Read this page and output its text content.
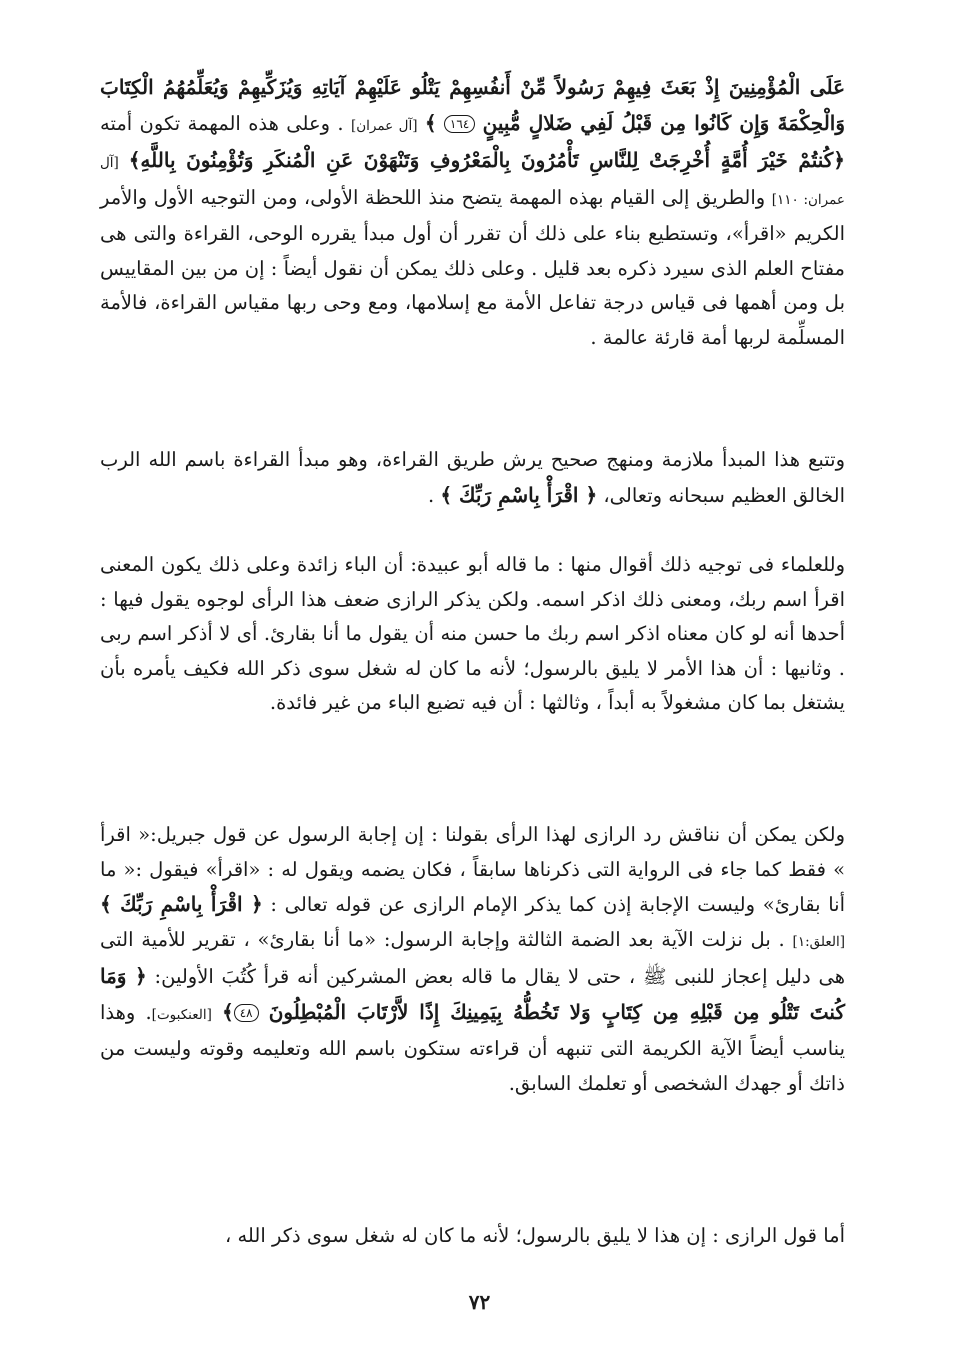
عَلَى الْمُؤْمِنِينَ إِذْ بَعَثَ فِيهِمْ رَسُولاً مِّنْ أَنفُسِهِمْ يَتْلُو عَلَيْهِمْ آيَاتِهِ وَيُزَكِّيهِمْ وَيُعَلِّمُهُمُ الْكِتَابَ وَالْحِكْمَةَ وَإِن كَانُوا مِن قَبْلُ لَفِي ضَلالٍ مُّبِينٍ ١٦٤ ﴾ [آل عمران] . وعلى هذه المهمة تكون أمته ﴿كُنتُمْ خَيْرَ أُمَّةٍ أُخْرِجَتْ لِلنَّاسِ تَأْمُرُونَ بِالْمَعْرُوفِ وَتَنْهَوْنَ عَنِ الْمُنكَرِ وَتُؤْمِنُونَ بِاللَّهِ﴾ [آل عمران: ١١٠] والطريق إلى القيام بهذه المهمة يتضح منذ اللحظة الأولى، ومن التوجيه الأول والأمر الكريم «اقرأ»، وتستطيع بناء على ذلك أن تقرر أن أول مبدأ يقرره الوحى، القراءة والتى هى مفتاح العلم الذى سيرد ذكره بعد قليل . وعلى ذلك يمكن أن نقول أيضاً : إن من بين المقاييس بل ومن أهمها فى قياس درجة تفاعل الأمة مع إسلامها، ومع وحى ربها مقياس القراءة، فالأمة المسلِّمة لربها أمة قارئة عالمة .

وتتبع هذا المبدأ ملازمة ومنهج صحيح يرش طريق القراءة، وهو مبدأ القراءة باسم الله الرب الخالق العظيم سبحانه وتعالى، ﴿ اقْرَأْ بِاسْمِ رَبِّكَ ﴾ .

وللعلماء فى توجيه ذلك أقوال منها : ما قاله أبو عبيدة: أن الباء زائدة وعلى ذلك يكون المعنى اقرأ اسم ربك، ومعنى ذلك اذكر اسمه. ولكن يذكر الرازى ضعف هذا الرأى لوجوه يقول فيها : أحدها أنه لو كان معناه اذكر اسم ربك ما حسن منه أن يقول ما أنا بقارئ. أى لا أذكر اسم ربى . وثانيها : أن هذا الأمر لا يليق بالرسول؛ لأنه ما كان له شغل سوى ذكر الله فكيف يأمره بأن يشتغل بما كان مشغولاً به أبداً ، وثالثها : أن فيه تضيع الباء من غير فائدة.

ولكن يمكن أن نناقش رد الرازى لهذا الرأى بقولنا : إن إجابة الرسول عن قول جبريل:« اقرأ » فقط كما جاء فى الرواية التى ذكرناها سابقاً ، فكان يضمه ويقول له : «اقرأ» فيقول :« ما أنا بقارئ» وليست الإجابة إذن كما يذكر الإمام الرازى عن قوله تعالى : ﴿ اقْرَأْ بِاسْمِ رَبِّكَ ﴾ [العلق:١] . بل نزلت الآية بعد الضمة الثالثة وإجابة الرسول: «ما أنا بقارئ» ، تقرير للأمية التى هى دليل إعجاز للنبى ﷺ ، حتى لا يقال ما قاله بعض المشركين أنه قرأ كُتُبَ الأولين: ﴿ وَمَا كُنتَ تَتْلُو مِن قَبْلِهِ مِن كِتَابٍ وَلا تَخُطُّهُ بِيَمِينِكَ إِذًا لاَّرْتَابَ الْمُبْطِلُونَ ٤٨﴾ [العنكبوت]. وهذا يناسب أيضاً الآية الكريمة التى تنبهه أن قراءته ستكون باسم الله وتعليمه وقوته وليست من ذاتك أو جهدك الشخصى أو تعلمك السابق.

أما قول الرازى : إن هذا لا يليق بالرسول؛ لأنه ما كان له شغل سوى ذكر الله ،

٧٢
